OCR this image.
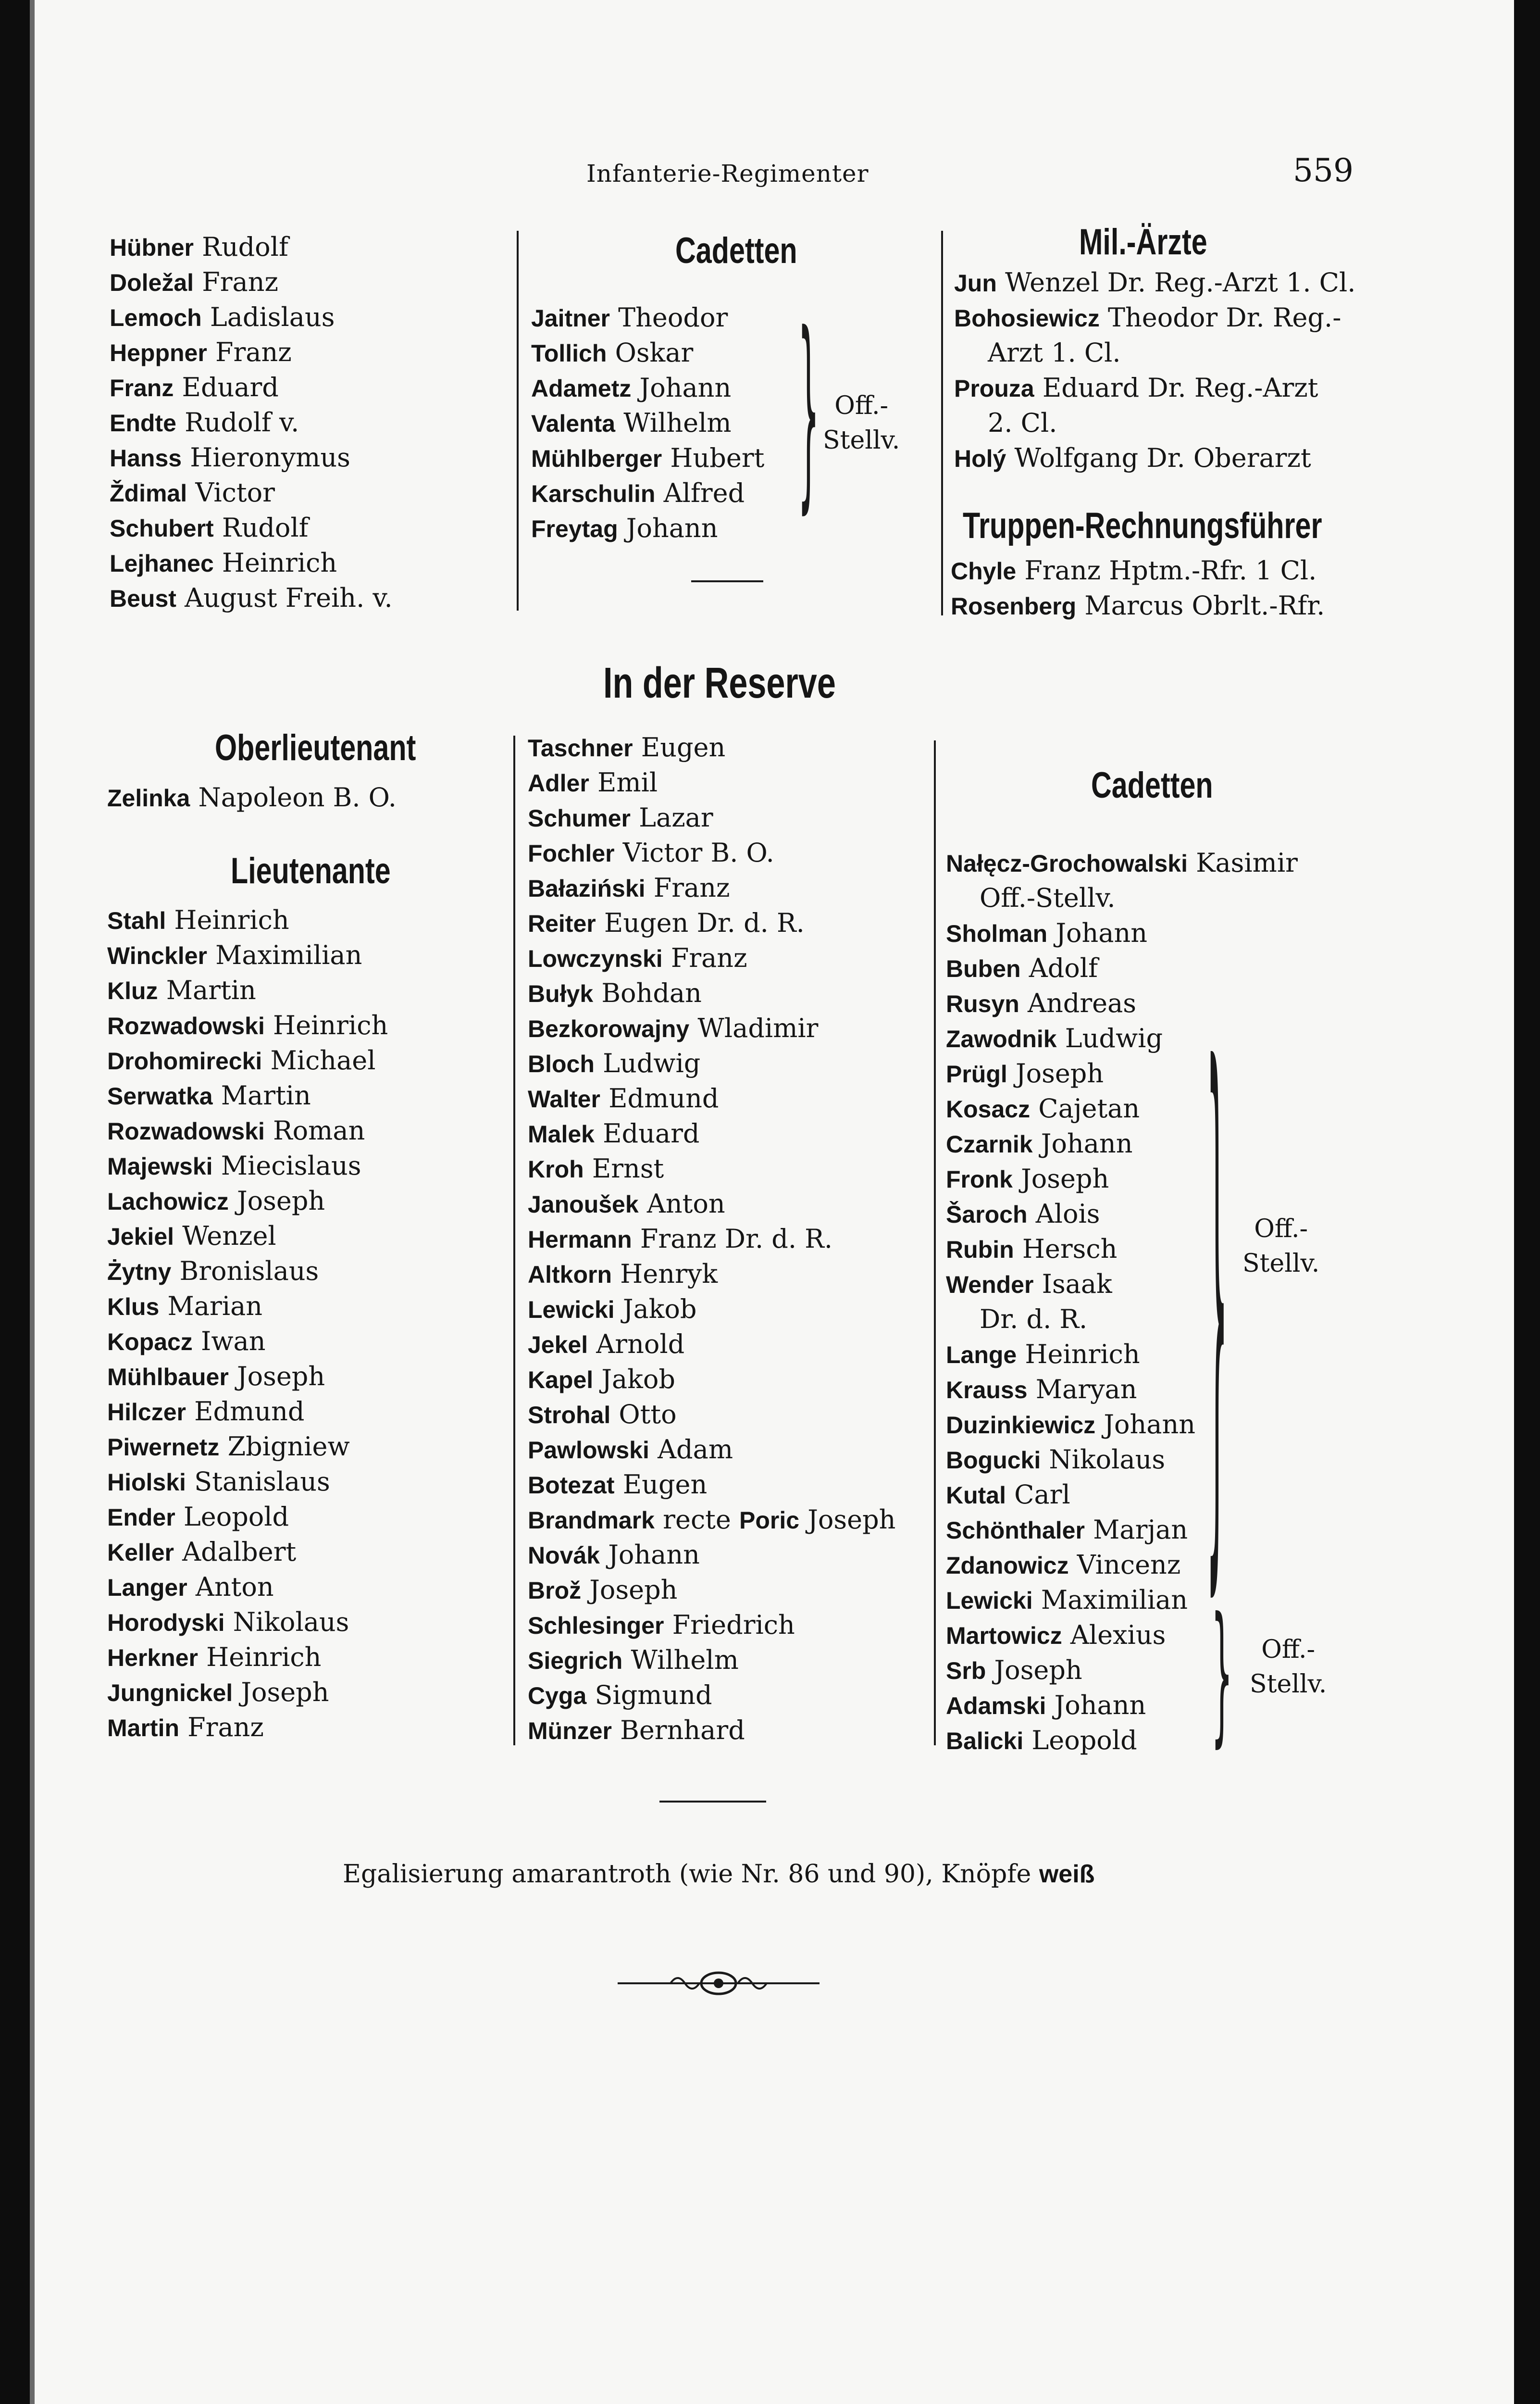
Infanterie-Regimenter	559
Hübner Rudolf
Doležal Franz
Lemoch Ladislaus
Heppner Franz
Franz Eduard
Endte Rudolf v.
Hanss Hieronymus
Ždimal Victor
Schubert Rudolf
Lejhanec Heinrich
Beust August Freih. v.
Cadetten
Jaitner Theodor
Tollich Oskar
Adametz Johann
Valenta Wilhelm
Mühlberger Hubert
Karschulin Alfred
Freytag Johann	} Off.-
Stellv.
Mil.-Ärzte
Jun Wenzel Dr. Reg.-Arzt 1. Cl.
Bohosiewicz Theodor Dr. Reg.-
Arzt 1. Cl.
Prouza Eduard Dr. Reg.-Arzt
2. Cl.
Holý Wolfgang Dr. Oberarzt
Truppen-Rechnungsführer
Chyle Franz Hptm.-Rfr. 1 Cl.
Rosenberg Marcus Obrlt.-Rfr.
In der Reserve
Oberlieutenant
Zelinka Napoleon B. O.
Lieutenante
Stahl Heinrich
Winckler Maximilian
Kluz Martin
Rozwadowski Heinrich
Drohomirecki Michael
Serwatka Martin
Rozwadowski Roman
Majewski Miecislaus
Lachowicz Joseph
Jekiel Wenzel
Żytny Bronislaus
Klus Marian
Kopacz Iwan
Mühlbauer Joseph
Hilczer Edmund
Piwernetz Zbigniew
Hiolski Stanislaus
Ender Leopold
Keller Adalbert
Langer Anton
Horodyski Nikolaus
Herkner Heinrich
Jungnickel Joseph
Martin Franz
Taschner Eugen
Adler Emil
Schumer Lazar
Fochler Victor B. O.
Bałaziński Franz
Reiter Eugen Dr. d. R.
Lowczynski Franz
Bułyk Bohdan
Bezkorowajny Wladimir
Bloch Ludwig
Walter Edmund
Malek Eduard
Kroh Ernst
Janoušek Anton
Hermann Franz Dr. d. R.
Altkorn Henryk
Lewicki Jakob
Jekel Arnold
Kapel Jakob
Strohal Otto
Pawlowski Adam
Botezat Eugen
Brandmark recte Poric Joseph
Novák Johann
Brož Joseph
Schlesinger Friedrich
Siegrich Wilhelm
Cyga Sigmund
Münzer Bernhard
Cadetten
Nałęcz-Grochowalski Kasimir
Off.-Stellv.
Sholman Johann
Buben Adolf
Rusyn Andreas
Zawodnik Ludwig
Prügl Joseph
Kosacz Cajetan
Czarnik Johann
Fronk Joseph
Šaroch Alois
Rubin Hersch
Wender Isaak
Dr. d. R.
Lange Heinrich
Krauss Maryan
Duzinkiewicz Johann
Bogucki Nikolaus
Kutal Carl
Schönthaler Marjan
Zdanowicz Vincenz
Lewicki Maximilian
Martowicz Alexius
Srb Joseph
Adamski Johann
Balicki Leopold
}	Off.-
Stellv.
}	Off.-
Stellv.
Egalisierung amarantroth (wie Nr. 86 und 90), Knöpfe weiß
